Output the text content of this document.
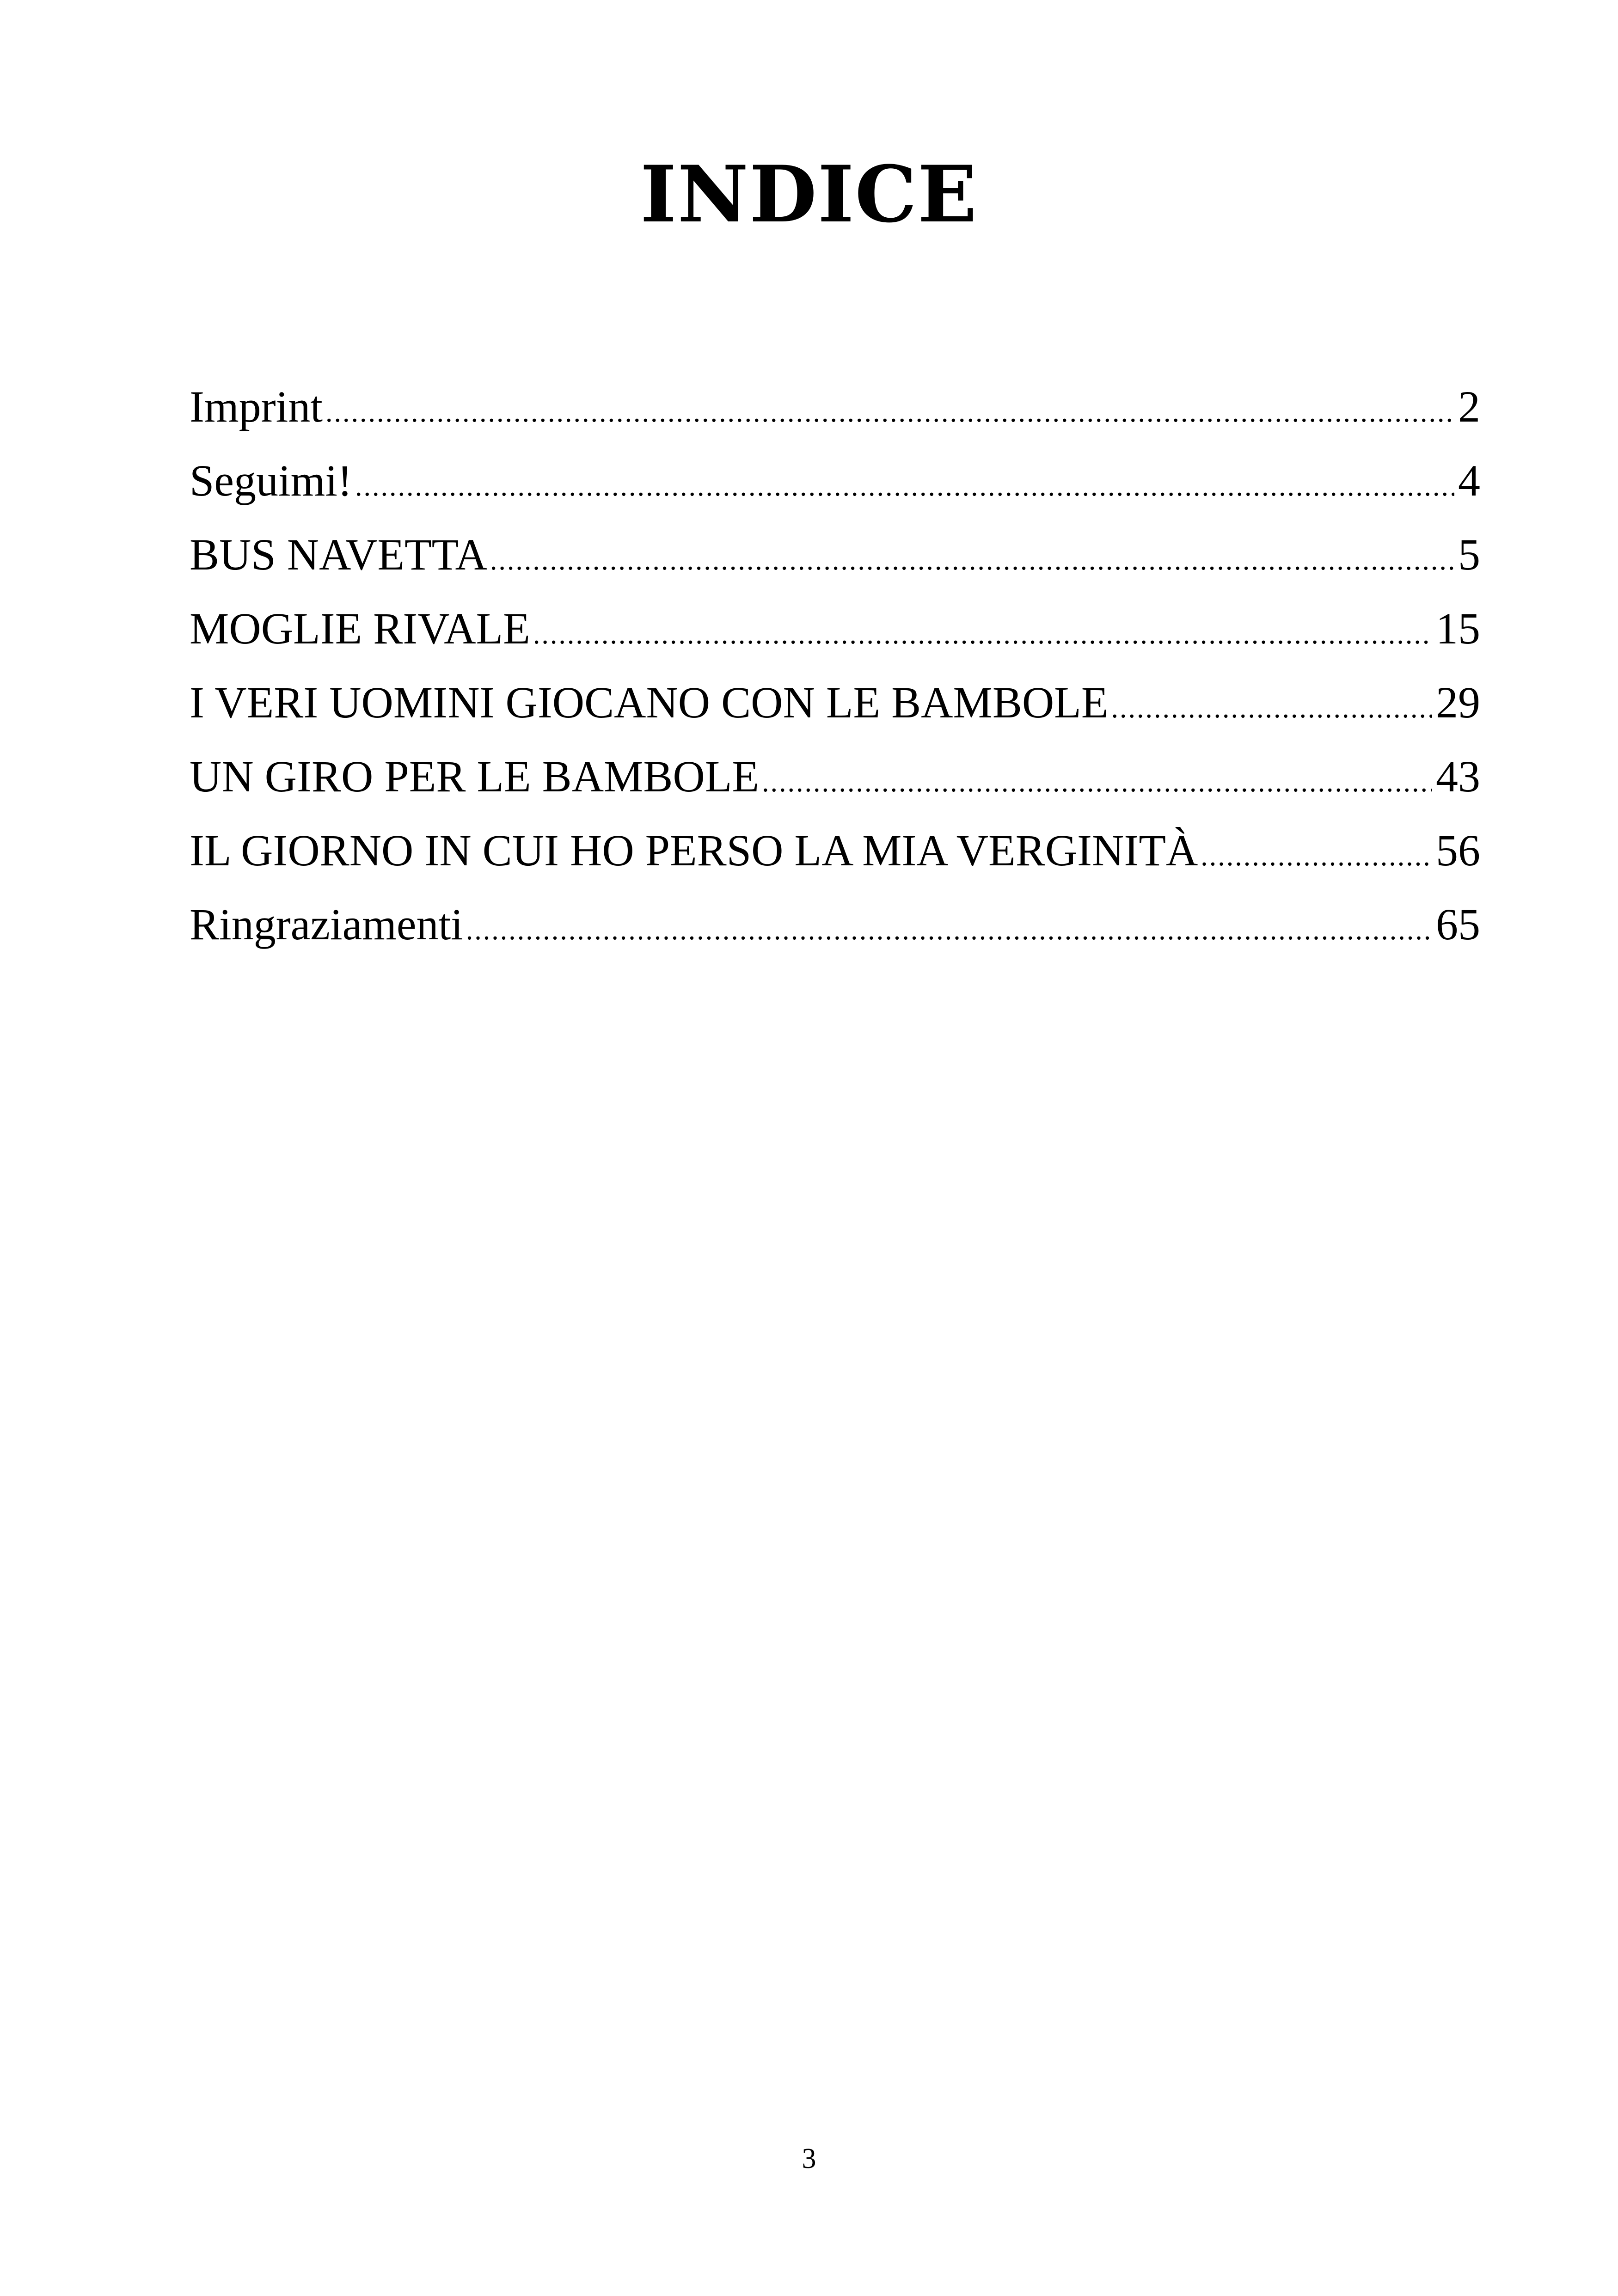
INDICE
Imprint .....	2
Seguimi! .....	4
BUS NAVETTA .....	5
MOGLIE RIVALE .....	15
I VERI UOMINI GIOCANO CON LE BAMBOLE .....	29
UN GIRO PER LE BAMBOLE .....	43
IL GIORNO IN CUI HO PERSO LA MIA VERGINITÀ .....	56
Ringraziamenti .....	65
3
